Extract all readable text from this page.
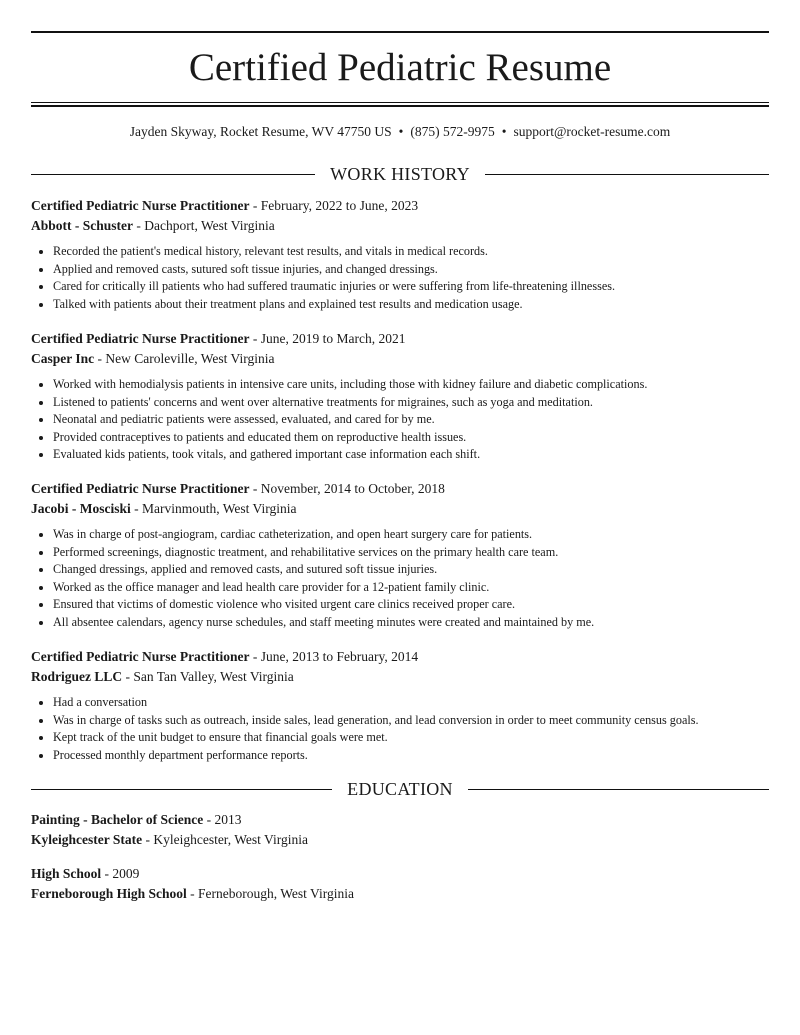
Certified Pediatric Resume
Jayden Skyway, Rocket Resume, WV 47750 US • (875) 572-9975 • support@rocket-resume.com
WORK HISTORY
Certified Pediatric Nurse Practitioner - February, 2022 to June, 2023
Abbott - Schuster - Dachport, West Virginia
• Recorded the patient's medical history, relevant test results, and vitals in medical records.
• Applied and removed casts, sutured soft tissue injuries, and changed dressings.
• Cared for critically ill patients who had suffered traumatic injuries or were suffering from life-threatening illnesses.
• Talked with patients about their treatment plans and explained test results and medication usage.
Certified Pediatric Nurse Practitioner - June, 2019 to March, 2021
Casper Inc - New Caroleville, West Virginia
• Worked with hemodialysis patients in intensive care units, including those with kidney failure and diabetic complications.
• Listened to patients' concerns and went over alternative treatments for migraines, such as yoga and meditation.
• Neonatal and pediatric patients were assessed, evaluated, and cared for by me.
• Provided contraceptives to patients and educated them on reproductive health issues.
• Evaluated kids patients, took vitals, and gathered important case information each shift.
Certified Pediatric Nurse Practitioner - November, 2014 to October, 2018
Jacobi - Mosciski - Marvinmouth, West Virginia
• Was in charge of post-angiogram, cardiac catheterization, and open heart surgery care for patients.
• Performed screenings, diagnostic treatment, and rehabilitative services on the primary health care team.
• Changed dressings, applied and removed casts, and sutured soft tissue injuries.
• Worked as the office manager and lead health care provider for a 12-patient family clinic.
• Ensured that victims of domestic violence who visited urgent care clinics received proper care.
• All absentee calendars, agency nurse schedules, and staff meeting minutes were created and maintained by me.
Certified Pediatric Nurse Practitioner - June, 2013 to February, 2014
Rodriguez LLC - San Tan Valley, West Virginia
• Had a conversation
• Was in charge of tasks such as outreach, inside sales, lead generation, and lead conversion in order to meet community census goals.
• Kept track of the unit budget to ensure that financial goals were met.
• Processed monthly department performance reports.
EDUCATION
Painting - Bachelor of Science - 2013
Kyleighcester State - Kyleighcester, West Virginia
High School - 2009
Ferneborough High School - Ferneborough, West Virginia
